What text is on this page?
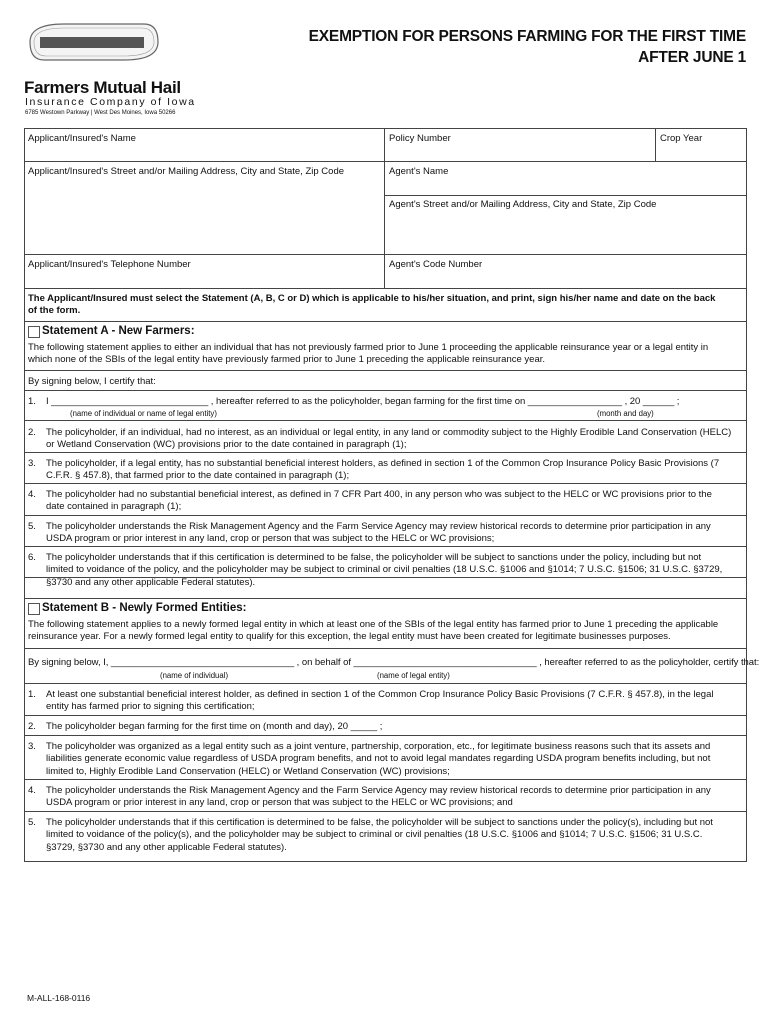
Farmers Mutual Hail
Insurance Company of Iowa
6785 Westown Parkway | West Des Moines, Iowa 50266
EXEMPTION FOR PERSONS FARMING FOR THE FIRST TIME
AFTER JUNE 1
Applicant/Insured's Name	Policy Number	Crop Year
Applicant/Insured's Street and/or Mailing Address, City and State, Zip Code	Agent's Name
Agent's Street and/or Mailing Address, City and State, Zip Code
Applicant/Insured's Telephone Number	Agent's Code Number
The Applicant/Insured must select the Statement (A, B, C or D) which is applicable to his/her situation, and print, sign his/her name and date on the back
of the form.
Statement A - New Farmers:
The following statement applies to either an individual that has not previously farmed prior to June 1 proceeding the applicable reinsurance year or a legal entity in
which none of the SBIs of the legal entity have previously farmed prior to June 1 preceding the applicable reinsurance year.
By signing below, I certify that:
1. I ______________________________ , hereafter referred to as the policyholder, began farming for the first time on __________________ , 20 ______ ;
(name of individual or name of legal entity)	(month and day)
2. The policyholder, if an individual, had no interest, as an individual or legal entity, in any land or commodity subject to the Highly Erodible Land Conservation (HELC)
or Wetland Conservation (WC) provisions prior to the date contained in paragraph (1);
3. The policyholder, if a legal entity, has no substantial beneficial interest holders, as defined in section 1 of the Common Crop Insurance Policy Basic Provisions (7
C.F.R. § 457.8), that farmed prior to the date contained in paragraph (1);
4. The policyholder had no substantial beneficial interest, as defined in 7 CFR Part 400, in any person who was subject to the HELC or WC provisions prior to the
date contained in paragraph (1);
5. The policyholder understands the Risk Management Agency and the Farm Service Agency may review historical records to determine prior participation in any
USDA program or prior interest in any land, crop or person that was subject to the HELC or WC provisions;
6. The policyholder understands that if this certification is determined to be false, the policyholder will be subject to sanctions under the policy, including but not
limited to voidance of the policy, and the policyholder may be subject to criminal or civil penalties (18 U.S.C. §1006 and §1014; 7 U.S.C. §1506; 31 U.S.C. §3729,
§3730 and any other applicable Federal statutes).
Statement B - Newly Formed Entities:
The following statement applies to a newly formed legal entity in which at least one of the SBIs of the legal entity has farmed prior to June 1 preceding the applicable
reinsurance year. For a newly formed legal entity to qualify for this exception, the legal entity must have been created for legitimate businesses purposes.
By signing below, I, ___________________________________ , on behalf of ___________________________________ , hereafter referred to as the policyholder, certify that:
(name of individual)	(name of legal entity)
1. At least one substantial beneficial interest holder, as defined in section 1 of the Common Crop Insurance Policy Basic Provisions (7 C.F.R. § 457.8), in the legal
entity has farmed prior to signing this certification;
2. The policyholder began farming for the first time on (month and day), 20 _____ ;
3. The policyholder was organized as a legal entity such as a joint venture, partnership, corporation, etc., for legitimate business reasons such that its assets and
liabilities generate economic value regardless of USDA program benefits, and not to avoid legal mandates regarding USDA program benefits including, but not
limited to, Highly Erodible Land Conservation (HELC) or Wetland Conservation (WC) provisions;
4. The policyholder understands the Risk Management Agency and the Farm Service Agency may review historical records to determine prior participation in any
USDA program or prior interest in any land, crop or person that was subject to the HELC or WC provisions; and
5. The policyholder understands that if this certification is determined to be false, the policyholder will be subject to sanctions under the policy(s), including but not
limited to voidance of the policy(s), and the policyholder may be subject to criminal or civil penalties (18 U.S.C. §1006 and §1014; 7 U.S.C. §1506; 31 U.S.C.
§3729, §3730 and any other applicable Federal statutes).
M-ALL-168-0116
